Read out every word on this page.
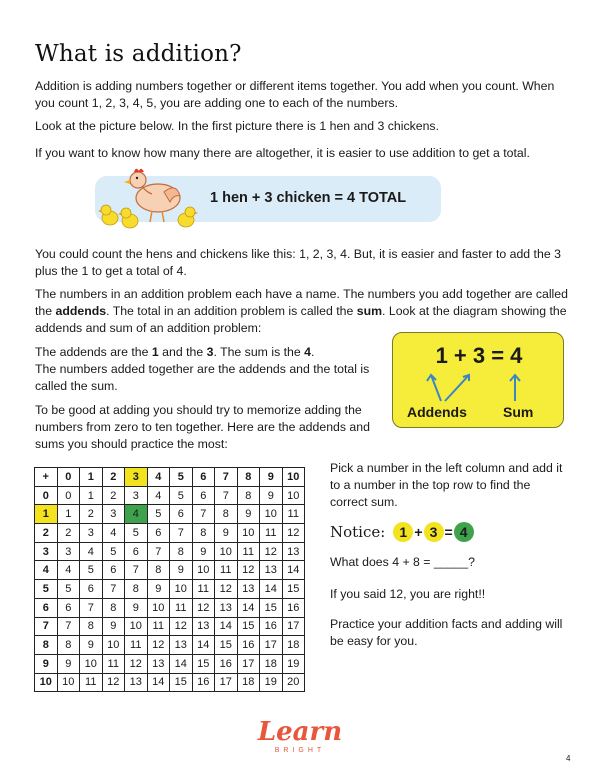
What is addition?
Addition is adding numbers together or different items together. You add when you count. When you count 1, 2, 3, 4, 5, you are adding one to each of the numbers.
Look at the picture below. In the first picture there is 1 hen and 3 chickens.
If you want to know how many there are altogether, it is easier to use addition to get a total.
1 hen + 3 chicken = 4 TOTAL
You could count the hens and chickens like this: 1, 2, 3, 4. But, it is easier and faster to add the 3 plus the 1 to get a total of 4.
The numbers in an addition problem each have a name. The numbers you add together are called the addends. The total in an addition problem is called the sum. Look at the diagram showing the addends and sum of an addition problem:
The addends are the 1 and the 3. The sum is the 4.
The numbers added together are the addends and the total is called the sum.
1 + 3 = 4
Addends	Sum
To be good at adding you should try to memorize adding the numbers from zero to ten together. Here are the addends and sums you should practice the most:
+	0	1	2	3	4	5	6	7	8	9	10
0	0	1	2	3	4	5	6	7	8	9	10
1	1	2	3	4	5	6	7	8	9	10	11
2	2	3	4	5	6	7	8	9	10	11	12
3	3	4	5	6	7	8	9	10	11	12	13
4	4	5	6	7	8	9	10	11	12	13	14
5	5	6	7	8	9	10	11	12	13	14	15
6	6	7	8	9	10	11	12	13	14	15	16
7	7	8	9	10	11	12	13	14	15	16	17
8	8	9	10	11	12	13	14	15	16	17	18
9	9	10	11	12	13	14	15	16	17	18	19
10	10	11	12	13	14	15	16	17	18	19	20
Pick a number in the left column and add it to a number in the top row to find the correct sum.
Notice:	1 + 3 = 4
What does 4 + 8 = _____?
If you said 12, you are right!!
Practice your addition facts and adding will be easy for you.
Learn
BRIGHT
4
